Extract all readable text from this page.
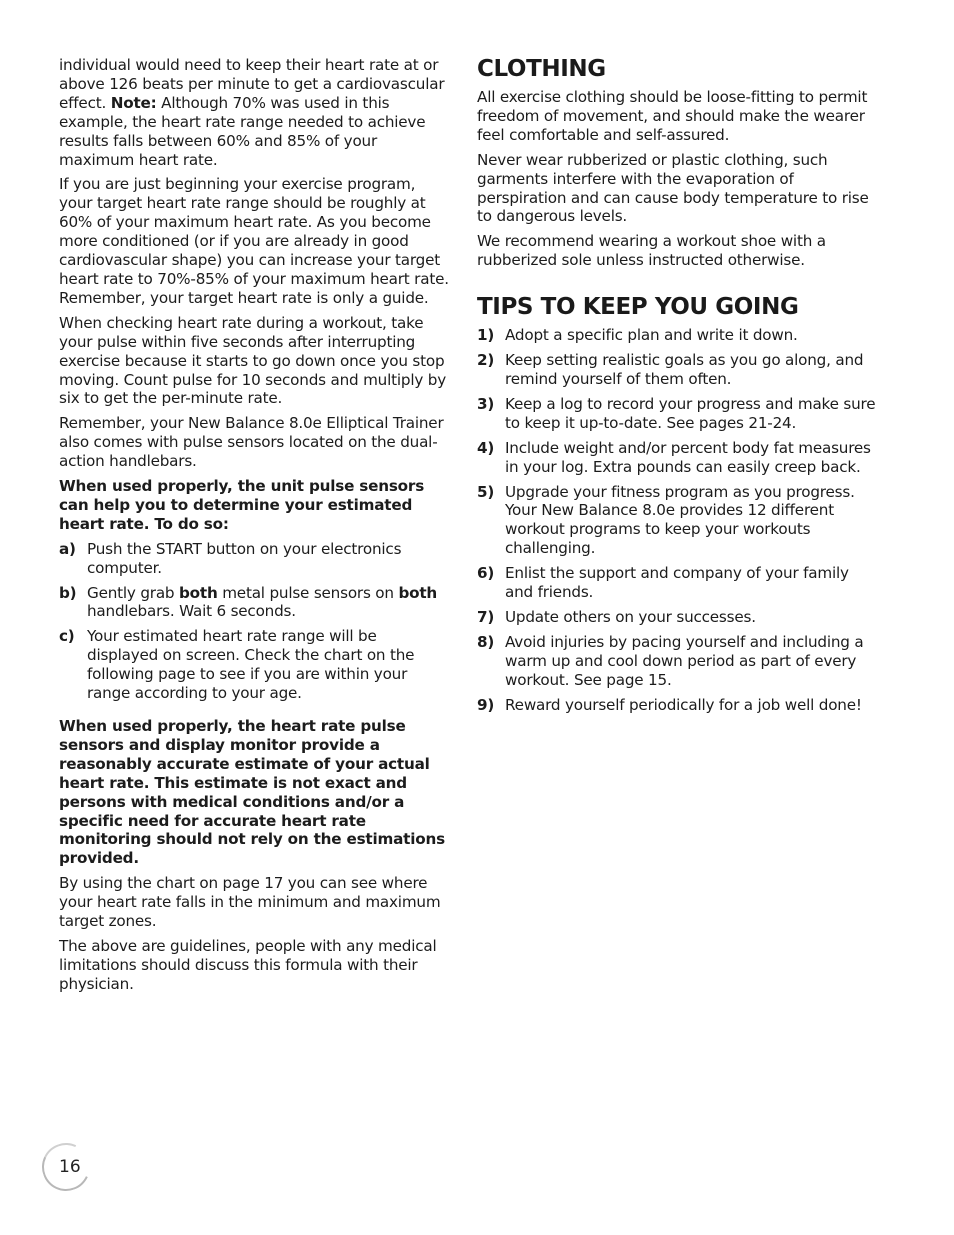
individual would need to keep their heart rate at or above 126 beats per minute to get a cardiovascular effect. Note: Although 70% was used in this example, the heart rate range needed to achieve results falls between 60% and 85% of your maximum heart rate.

If you are just beginning your exercise program, your target heart rate range should be roughly at 60% of your maximum heart rate. As you become more conditioned (or if you are already in good cardiovascular shape) you can increase your target heart rate to 70%-85% of your maximum heart rate. Remember, your target heart rate is only a guide.

When checking heart rate during a workout, take your pulse within five seconds after interrupting exercise because it starts to go down once you stop moving. Count pulse for 10 seconds and multiply by six to get the per-minute rate.

Remember, your New Balance 8.0e Elliptical Trainer also comes with pulse sensors located on the dual-action handlebars.

When used properly, the unit pulse sensors can help you to determine your estimated heart rate. To do so:

a) Push the START button on your electronics computer.
b) Gently grab both metal pulse sensors on both handlebars. Wait 6 seconds.
c) Your estimated heart rate range will be displayed on screen. Check the chart on the following page to see if you are within your range according to your age.

When used properly, the heart rate pulse sensors and display monitor provide a reasonably accurate estimate of your actual heart rate. This estimate is not exact and persons with medical conditions and/or a specific need for accurate heart rate monitoring should not rely on the estimations provided.

By using the chart on page 17 you can see where your heart rate falls in the minimum and maximum target zones.

The above are guidelines, people with any medical limitations should discuss this formula with their physician.

CLOTHING

All exercise clothing should be loose-fitting to permit freedom of movement, and should make the wearer feel comfortable and self-assured.

Never wear rubberized or plastic clothing, such garments interfere with the evaporation of perspiration and can cause body temperature to rise to dangerous levels.

We recommend wearing a workout shoe with a rubberized sole unless instructed otherwise.

TIPS TO KEEP YOU GOING
1) Adopt a specific plan and write it down.
2) Keep setting realistic goals as you go along, and remind yourself of them often.
3) Keep a log to record your progress and make sure to keep it up-to-date. See pages 21-24.
4) Include weight and/or percent body fat measures in your log. Extra pounds can easily creep back.
5) Upgrade your fitness program as you progress. Your New Balance 8.0e provides 12 different workout programs to keep your workouts challenging.
6) Enlist the support and company of your family and friends.
7) Update others on your successes.
8) Avoid injuries by pacing yourself and including a warm up and cool down period as part of every workout. See page 15.
9) Reward yourself periodically for a job well done!
16
